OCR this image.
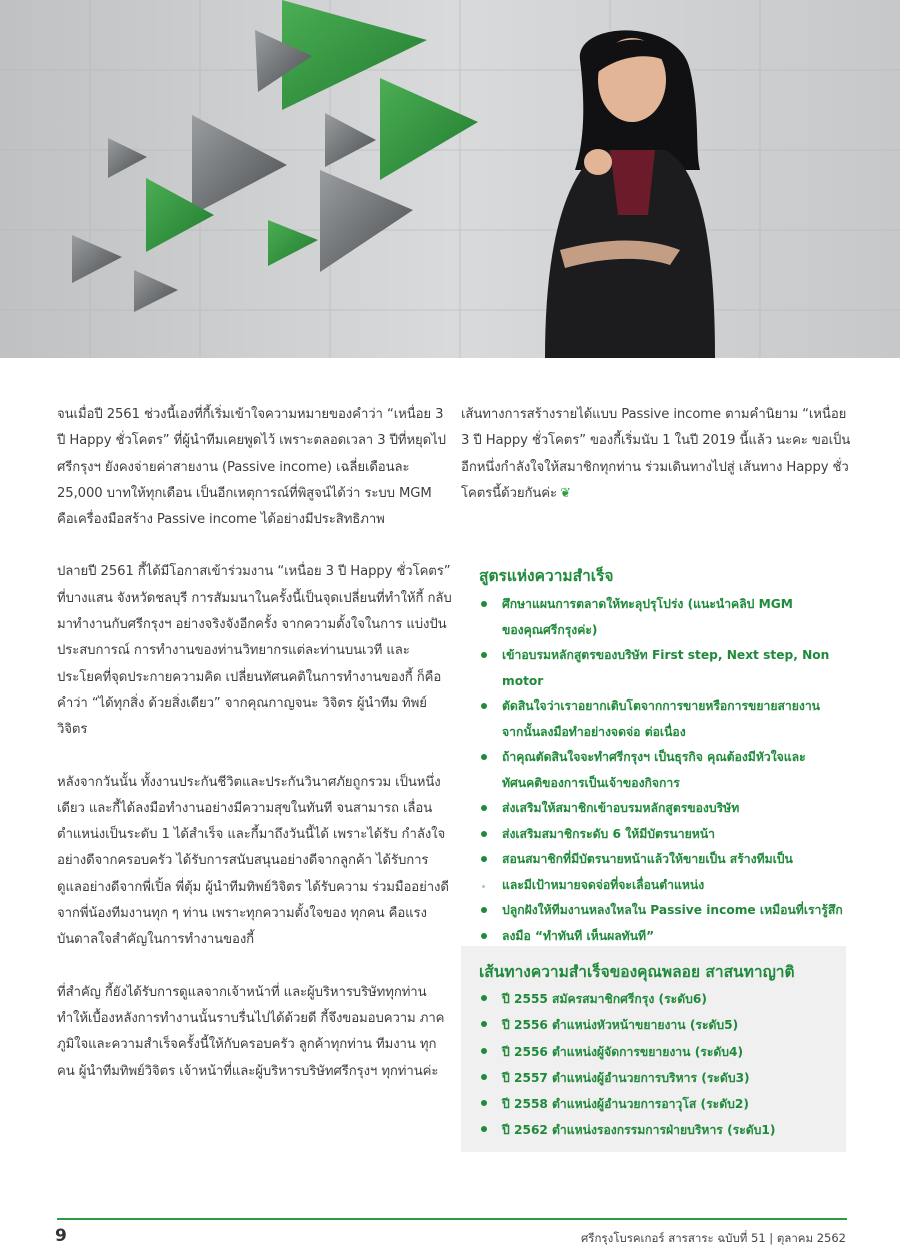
จนเมื่อปี 2561 ช่วงนี้เองที่กี้เริ่มเข้าใจความหมายของคำว่า “เหนื่อย 3 ปี Happy ชั่วโคตร” ที่ผู้นำทีมเคยพูดไว้ เพราะตลอดเวลา 3 ปีที่หยุดไป ศรีกรุงฯ ยังคงจ่ายค่าสายงาน (Passive income) เฉลี่ยเดือนละ 25,000 บาทให้ทุกเดือน เป็นอีกเหตุการณ์ที่พิสูจน์ได้ว่า ระบบ MGM คือเครื่องมือสร้าง Passive income ได้อย่างมีประสิทธิภาพ

ปลายปี 2561 กี้ได้มีโอกาสเข้าร่วมงาน “เหนื่อย 3 ปี Happy ชั่วโคตร” ที่บางแสน จังหวัดชลบุรี การสัมมนาในครั้งนี้เป็นจุดเปลี่ยนที่ทำให้กี้ กลับมาทำงานกับศรีกรุงฯ อย่างจริงจังอีกครั้ง จากความตั้งใจในการ แบ่งปันประสบการณ์ การทำงานของท่านวิทยากรแต่ละท่านบนเวที และประโยคที่จุดประกายความคิด เปลี่ยนทัศนคติในการทำงานของกี้ ก็คือ คำว่า “ได้ทุกสิ่ง ด้วยสิ่งเดียว” จากคุณกาญจนะ วิจิตร ผู้นำทีม ทิพย์วิจิตร

หลังจากวันนั้น ทั้งงานประกันชีวิตและประกันวินาศภัยถูกรวม เป็นหนึ่งเดียว และกี้ได้ลงมือทำงานอย่างมีความสุขในทันที จนสามารถ เลื่อนตำแหน่งเป็นระดับ 1 ได้สำเร็จ และกี้มาถึงวันนี้ได้ เพราะได้รับ กำลังใจอย่างดีจากครอบครัว ได้รับการสนับสนุนอย่างดีจากลูกค้า ได้รับการดูแลอย่างดีจากพี่เปิ้ล พี่ตุ้ม ผู้นำทีมทิพย์วิจิตร ได้รับความ ร่วมมืออย่างดีจากพี่น้องทีมงานทุก ๆ ท่าน เพราะทุกความตั้งใจของ ทุกคน คือแรงบันดาลใจสำคัญในการทำงานของกี้

ที่สำคัญ กี้ยังได้รับการดูแลจากเจ้าหน้าที่ และผู้บริหารบริษัททุกท่าน ทำให้เบื้องหลังการทำงานนั้นราบรื่นไปได้ด้วยดี กี้จึงขอมอบความ ภาคภูมิใจและความสำเร็จครั้งนี้ให้กับครอบครัว ลูกค้าทุกท่าน ทีมงาน ทุกคน ผู้นำทีมทิพย์วิจิตร เจ้าหน้าที่และผู้บริหารบริษัทศรีกรุงฯ ทุกท่านค่ะ

เส้นทางการสร้างรายได้แบบ Passive income ตามคำนิยาม “เหนื่อย 3 ปี Happy ชั่วโคตร” ของกี้เริ่มนับ 1 ในปี 2019 นี้แล้ว นะคะ ขอเป็นอีกหนึ่งกำลังใจให้สมาชิกทุกท่าน ร่วมเดินทางไปสู่ เส้นทาง Happy ชั่วโคตรนี้ด้วยกันค่ะ ❦

สูตรแห่งความสำเร็จ
ศึกษาแผนการตลาดให้ทะลุปรุโปร่ง (แนะนำคลิป MGM
ของคุณศรีกรุงค่ะ)
เข้าอบรมหลักสูตรของบริษัท First step, Next step, Non motor
ตัดสินใจว่าเราอยากเติบโตจากการขายหรือการขยายสายงาน
จากนั้นลงมือทำอย่างจดจ่อ ต่อเนื่อง
ถ้าคุณตัดสินใจจะทำศรีกรุงฯ เป็นธุรกิจ คุณต้องมีหัวใจและ
ทัศนคติของการเป็นเจ้าของกิจการ
ส่งเสริมให้สมาชิกเข้าอบรมหลักสูตรของบริษัท
ส่งเสริมสมาชิกระดับ 6 ให้มีบัตรนายหน้า
สอนสมาชิกที่มีบัตรนายหน้าแล้วให้ขายเป็น สร้างทีมเป็น
และมีเป้าหมายจดจ่อที่จะเลื่อนตำแหน่ง
ปลูกฝังให้ทีมงานหลงใหลใน Passive income เหมือนที่เรารู้สึก
ลงมือ “ทำทันที เห็นผลทันที”
เส้นทางความสำเร็จของคุณพลอย สาสนทาญาติ
ปี 2555 สมัครสมาชิกศรีกรุง (ระดับ6)
ปี 2556 ตำแหน่งหัวหน้าขยายงาน (ระดับ5)
ปี 2556 ตำแหน่งผู้จัดการขยายงาน (ระดับ4)
ปี 2557 ตำแหน่งผู้อำนวยการบริหาร (ระดับ3)
ปี 2558 ตำแหน่งผู้อำนวยการอาวุโส (ระดับ2)
ปี 2562 ตำแหน่งรองกรรมการฝ่ายบริหาร (ระดับ1)
9	ศรีกรุงโบรคเกอร์ สารสาระ ฉบับที่ 51 | ตุลาคม 2562
